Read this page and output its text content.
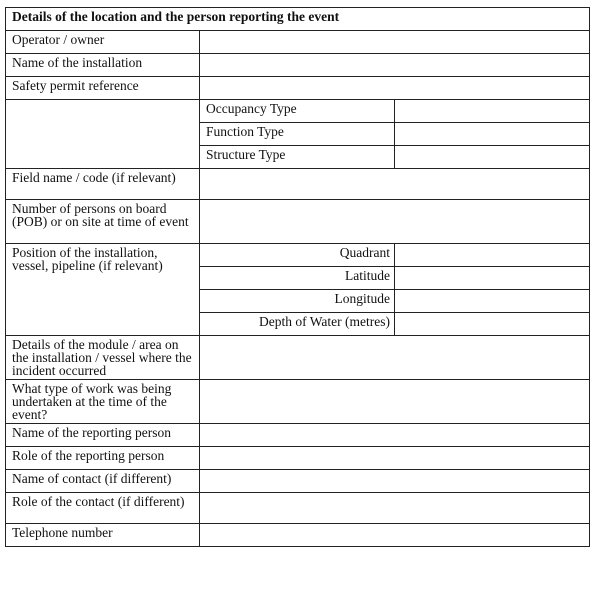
Details of the location and the person reporting the event		
Operator / owner		
Name of the installation		
Safety permit reference		
	Occupancy Type	
	Function Type	
	Structure Type	
Field name / code (if relevant)		
Number of persons on board (POB) or on site at time of event		
Position of the installation, vessel, pipeline (if relevant)	Quadrant	
	Latitude	
	Longitude	
	Depth of Water (metres)	
Details of the module / area on the installation / vessel where the incident occurred		
What type of work was being undertaken at the time of the event?		
Name of the reporting person		
Role of the reporting person		
Name of contact (if different)		
Role of the contact (if different)		
Telephone number		
